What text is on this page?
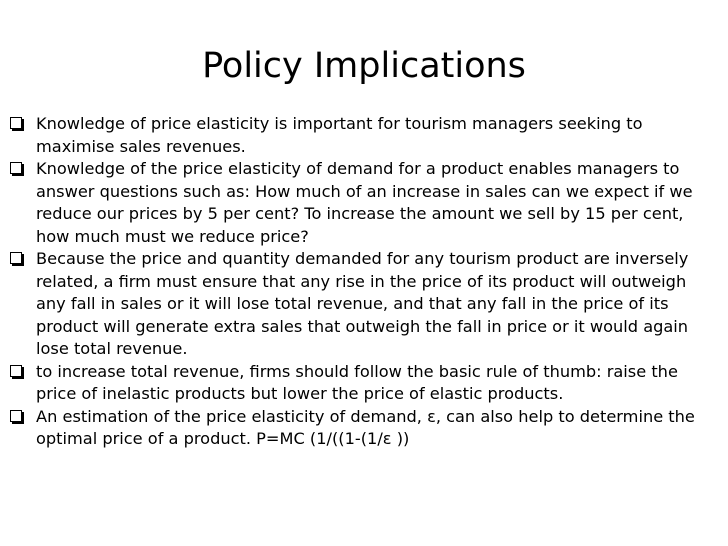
Policy Implications
Knowledge of price elasticity is important for tourism managers seeking to maximise sales revenues.
Knowledge of the price elasticity of demand for a product enables managers to answer questions such as: How much of an increase in sales can we expect if we reduce our prices by 5 per cent? To increase the amount we sell by 15 per cent, how much must we reduce price?
Because the price and quantity demanded for any tourism product are inversely related, a firm must ensure that any rise in the price of its product will outweigh any fall in sales or it will lose total revenue, and that any fall in the price of its product will generate extra sales that outweigh the fall in price or it would again lose total revenue.
to increase total revenue, firms should follow the basic rule of thumb: raise the price of inelastic products but lower the price of elastic products.
An estimation of the price elasticity of demand, ε, can also help to determine the optimal price of a product. P=MC (1/((1-(1/ε ))
